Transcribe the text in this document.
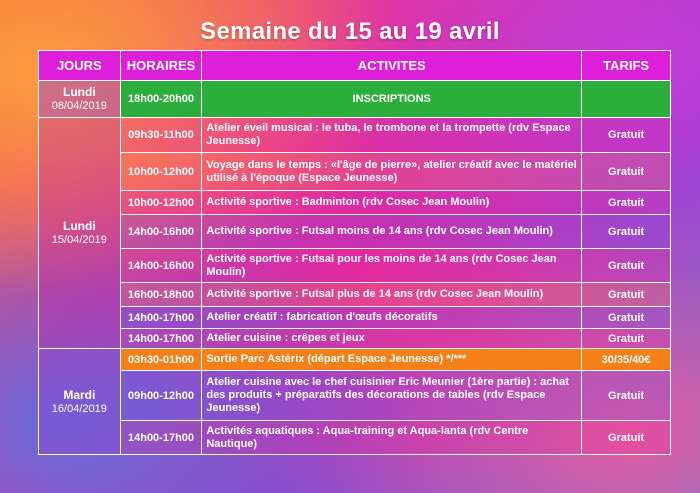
Semaine du 15 au 19 avril
JOURS	HORAIRES	ACTIVITES	TARIFS

Lundi
08/04/2019	18h00-20h00	INSCRIPTIONS	

Lundi
15/04/2019	09h30-11h00	Atelier éveil musical : le tuba, le trombone et la trompette (rdv Espace Jeunesse)	Gratuit
	10h00-12h00	Voyage dans le temps : «l'âge de pierre», atelier créatif avec le matériel utilisé à l'époque (Espace Jeunesse)	Gratuit
	10h00-12h00	Activité sportive : Badminton (rdv Cosec Jean Moulin)	Gratuit
	14h00-16h00	Activité sportive : Futsal moins de 14 ans (rdv Cosec Jean Moulin)	Gratuit
	14h00-16h00	Activité sportive : Futsal pour les moins de 14 ans (rdv Cosec Jean Moulin)	Gratuit
	16h00-18h00	Activité sportive : Futsal plus de 14 ans (rdv Cosec Jean Moulin)	Gratuit
	14h00-17h00	Atelier créatif : fabrication d'œufs décoratifs	Gratuit
	14h00-17h00	Atelier cuisine : crêpes et jeux	Gratuit

Mardi
16/04/2019	03h30-01h00	Sortie Parc Astérix (départ Espace Jeunesse) */***	30/35/40€
	09h00-12h00	Atelier cuisine avec le chef cuisinier Eric Meunier (1ère partie) : achat des produits + préparatifs des décorations de tables (rdv Espace Jeunesse)	Gratuit
	14h00-17h00	Activités aquatiques : Aqua-training et Aqua-lanta (rdv Centre Nautique)	Gratuit
